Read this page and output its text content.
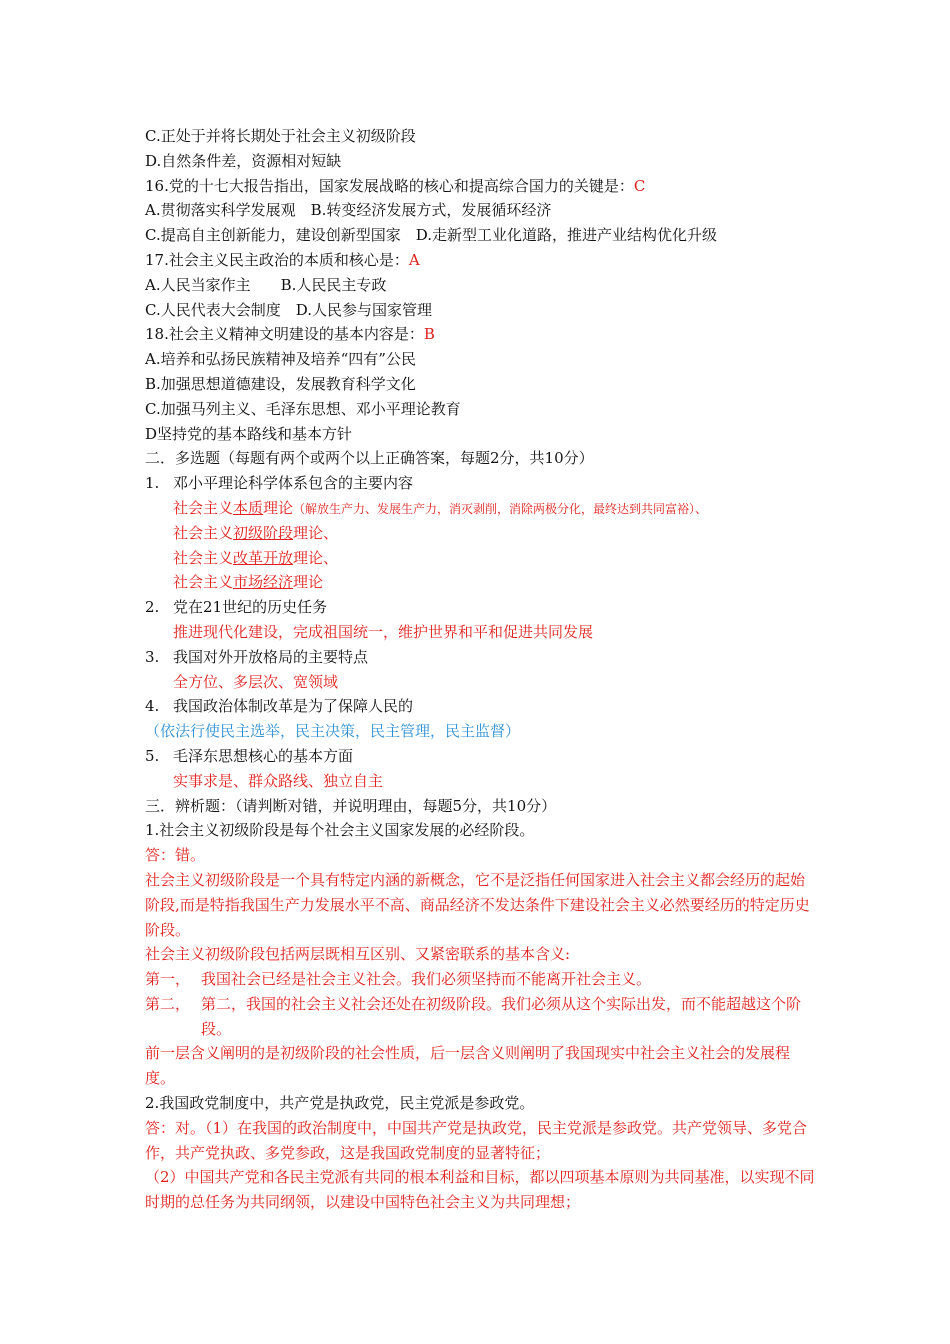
C.正处于并将长期处于社会主义初级阶段
D.自然条件差，资源相对短缺
16.党的十七大报告指出，国家发展战略的核心和提高综合国力的关键是：C
A.贯彻落实科学发展观　B.转变经济发展方式，发展循环经济
C.提高自主创新能力，建设创新型国家　D.走新型工业化道路，推进产业结构优化升级
17.社会主义民主政治的本质和核心是：A
A.人民当家作主　　B.人民民主专政
C.人民代表大会制度　D.人民参与国家管理
18.社会主义精神文明建设的基本内容是：B
A.培养和弘扬民族精神及培养“四有”公民
B.加强思想道德建设，发展教育科学文化
C.加强马列主义、毛泽东思想、邓小平理论教育
D坚持党的基本路线和基本方针
二．多选题（每题有两个或两个以上正确答案，每题2分，共10分）
1. 邓小平理论科学体系包含的主要内容
社会主义本质理论（解放生产力、发展生产力，消灭剥削，消除两极分化，最终达到共同富裕）、
社会主义初级阶段理论、
社会主义改革开放理论、
社会主义市场经济理论
2. 党在21世纪的历史任务
推进现代化建设，完成祖国统一，维护世界和平和促进共同发展
3. 我国对外开放格局的主要特点
全方位、多层次、宽领域
4. 我国政治体制改革是为了保障人民的
（依法行使民主选举，民主决策，民主管理，民主监督）
5. 毛泽东思想核心的基本方面
实事求是、群众路线、独立自主
三．辨析题：（请判断对错，并说明理由，每题5分，共10分）
1.社会主义初级阶段是每个社会主义国家发展的必经阶段。
答：错。
社会主义初级阶段是一个具有特定内涵的新概念，它不是泛指任何国家进入社会主义都会经历的起始阶段,而是特指我国生产力发展水平不高、商品经济不发达条件下建设社会主义必然要经历的特定历史阶段。
社会主义初级阶段包括两层既相互区别、又紧密联系的基本含义:
第一， 我国社会已经是社会主义社会。我们必须坚持而不能离开社会主义。
第二， 第二，我国的社会主义社会还处在初级阶段。我们必须从这个实际出发，而不能超越这个阶段。
前一层含义阐明的是初级阶段的社会性质，后一层含义则阐明了我国现实中社会主义社会的发展程度。
2.我国政党制度中，共产党是执政党，民主党派是参政党。
答：对。（1）在我国的政治制度中，中国共产党是执政党，民主党派是参政党。共产党领导、多党合作，共产党执政、多党参政，这是我国政党制度的显著特征；
（2）中国共产党和各民主党派有共同的根本利益和目标，都以四项基本原则为共同基准，以实现不同时期的总任务为共同纲领，以建设中国特色社会主义为共同理想；
